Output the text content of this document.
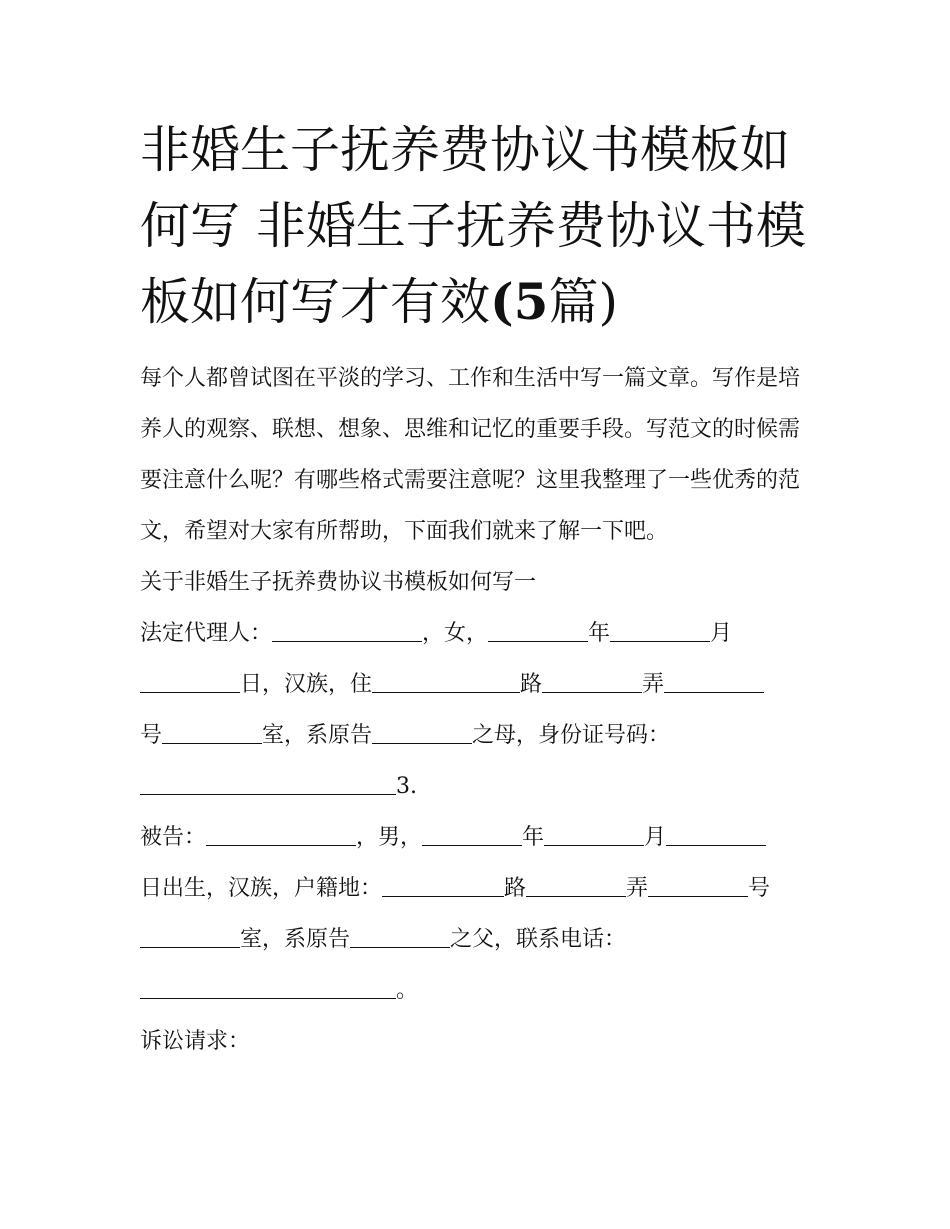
非婚生子抚养费协议书模板如何写 非婚生子抚养费协议书模板如何写才有效(5篇)

每个人都曾试图在平淡的学习、工作和生活中写一篇文章。写作是培养人的观察、联想、想象、思维和记忆的重要手段。写范文的时候需要注意什么呢？有哪些格式需要注意呢？这里我整理了一些优秀的范文，希望对大家有所帮助，下面我们就来了解一下吧。

关于非婚生子抚养费协议书模板如何写一

法定代理人：	，女，	年	月

日，汉族，住	路	弄

号	室，系原告	之母，身份证号码：

3.

被告：	，男，	年	月

日出生，汉族，户籍地：	路	弄	号

室，系原告	之父，联系电话：

。

诉讼请求：
